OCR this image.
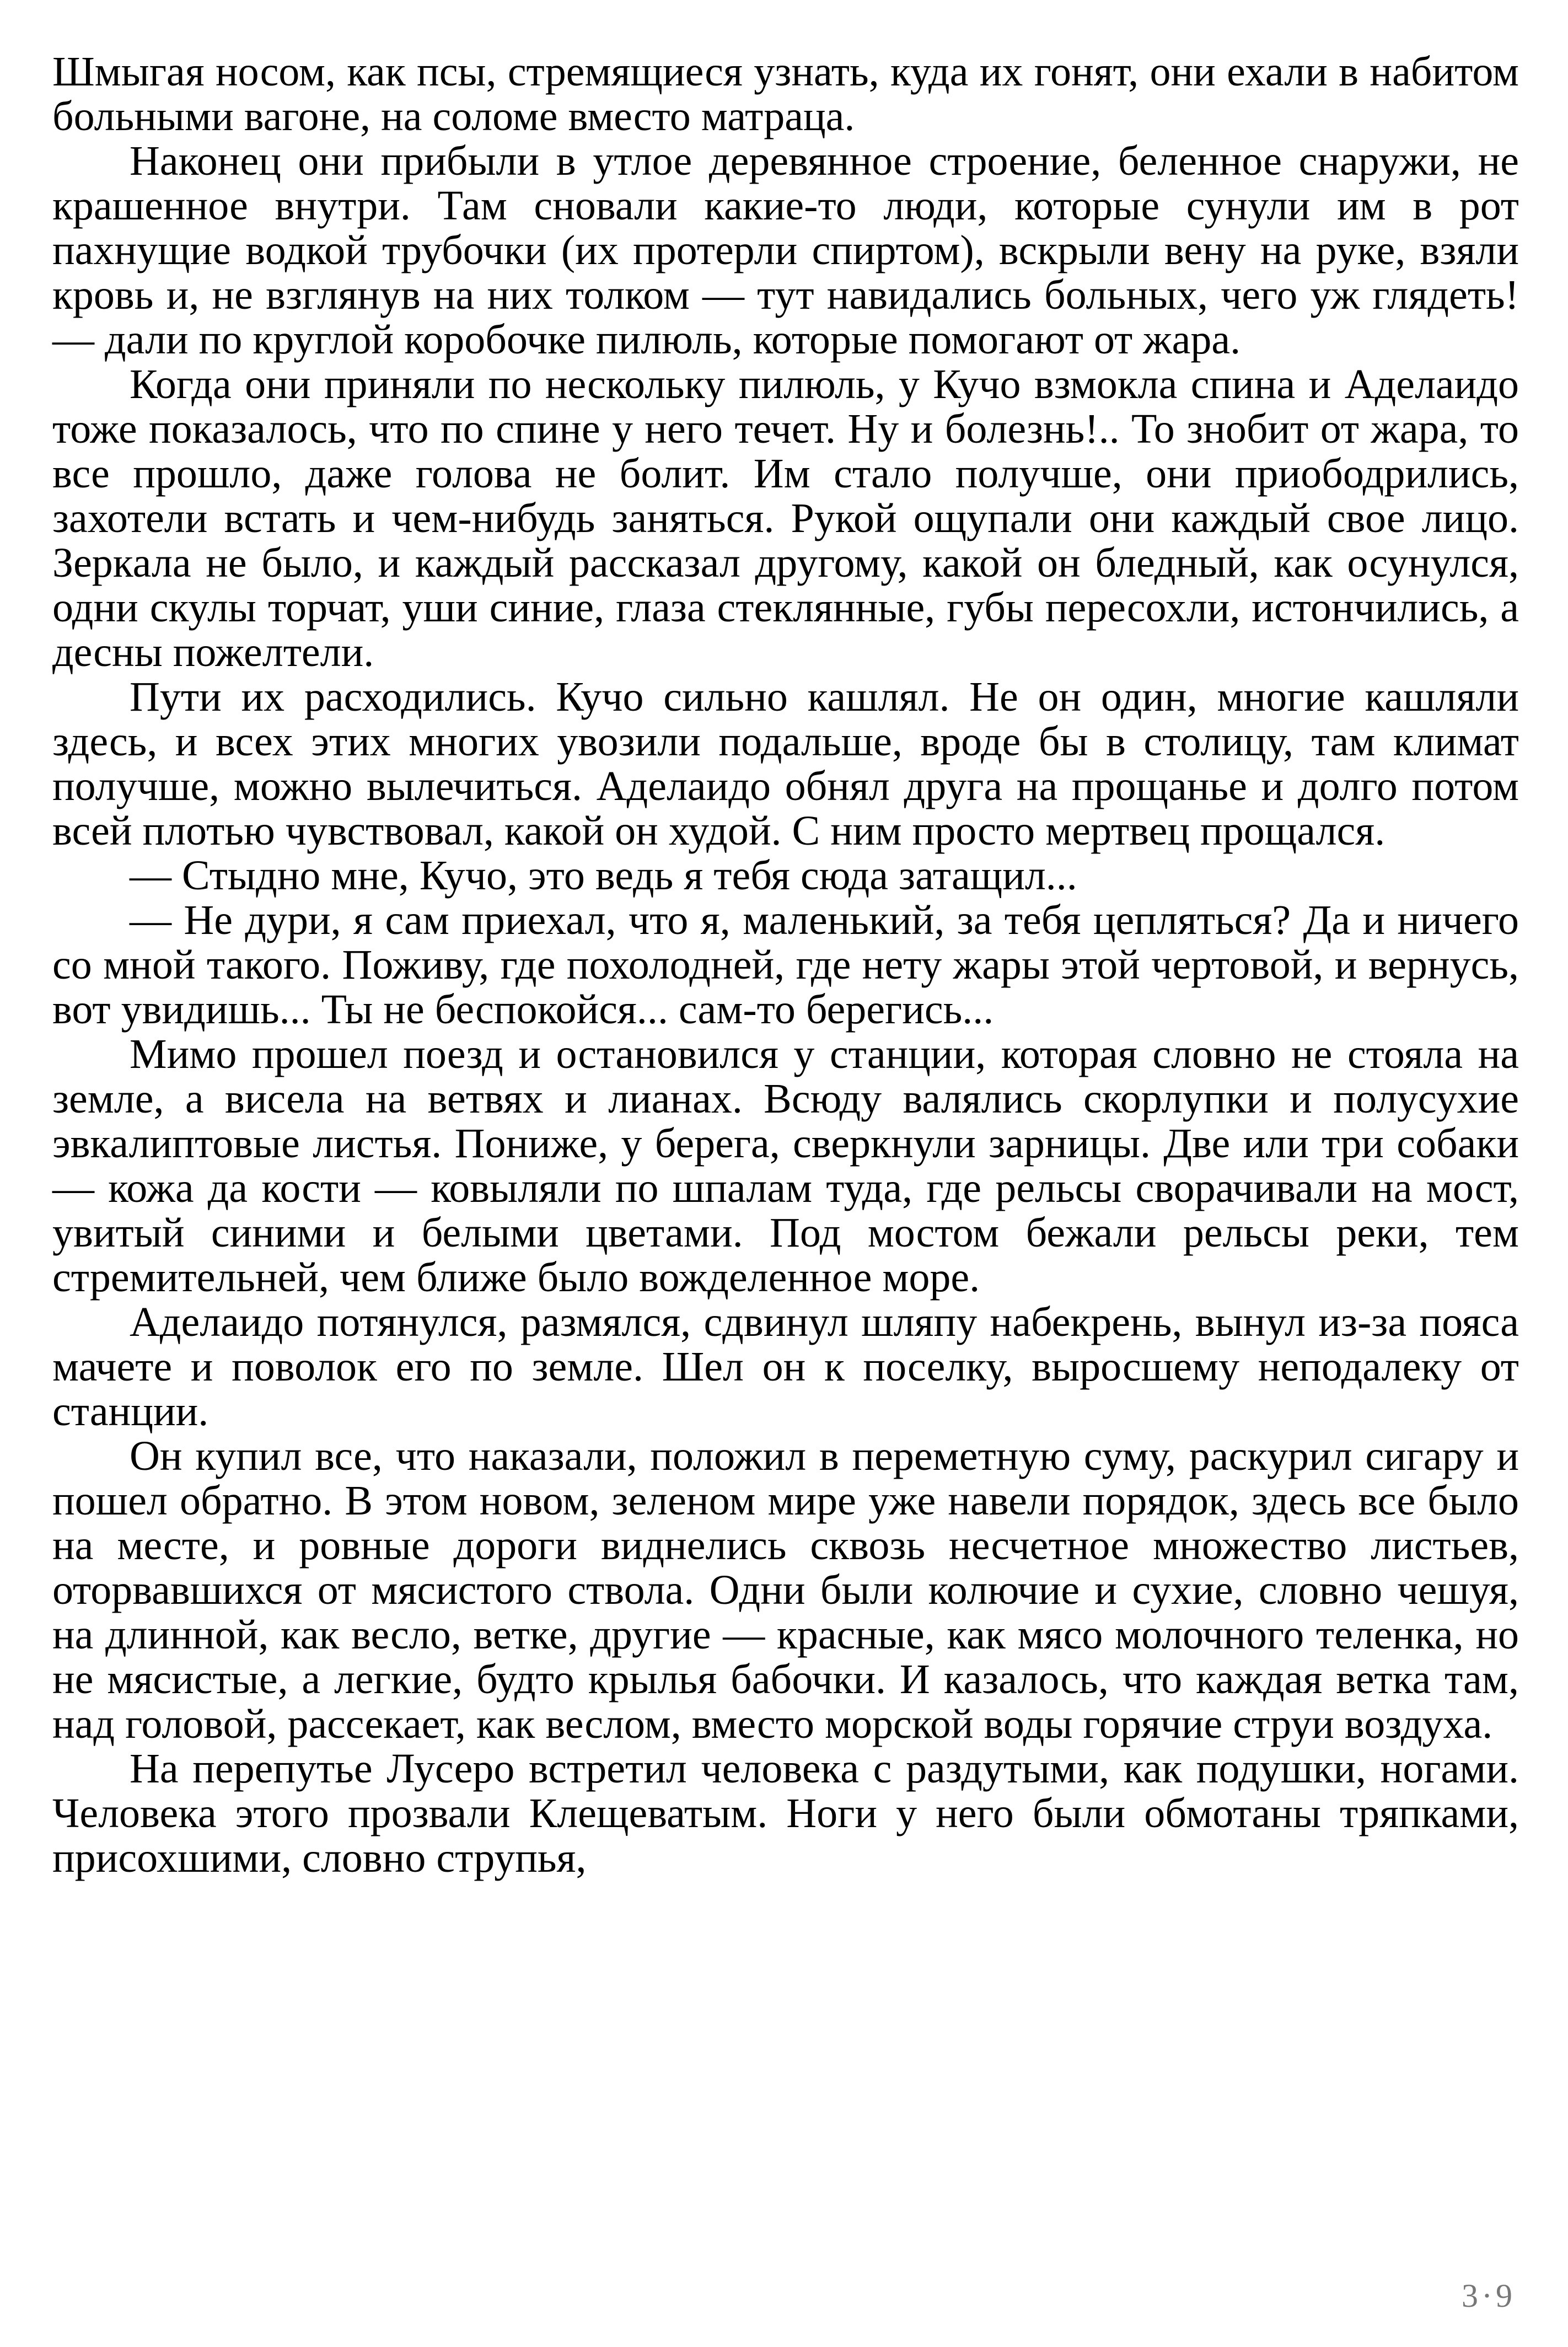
Шмыгая носом, как псы, стремящиеся узнать, куда их гонят, они ехали в набитом больными вагоне, на соломе вместо матраца.

Наконец они прибыли в утлое деревянное строение, беленное снаружи, не крашенное внутри. Там сновали какие-то люди, которые сунули им в рот пахнущие водкой трубочки (их протерли спиртом), вскрыли вену на руке, взяли кровь и, не взглянув на них толком — тут навидались больных, чего уж глядеть! — дали по круглой коробочке пилюль, которые помогают от жара.

Когда они приняли по нескольку пилюль, у Кучо взмокла спина и Аделаидо тоже показалось, что по спине у него течет. Ну и болезнь!.. То знобит от жара, то все прошло, даже голова не болит. Им стало получше, они приободрились, захотели встать и чем-нибудь заняться. Рукой ощупали они каждый свое лицо. Зеркала не было, и каждый рассказал другому, какой он бледный, как осунулся, одни скулы торчат, уши синие, глаза стеклянные, губы пересохли, истончились, а десны пожелтели.

Пути их расходились. Кучо сильно кашлял. Не он один, многие кашляли здесь, и всех этих многих увозили подальше, вроде бы в столицу, там климат получше, можно вылечиться. Аделаидо обнял друга на прощанье и долго потом всей плотью чувствовал, какой он худой. С ним просто мертвец прощался.

— Стыдно мне, Кучо, это ведь я тебя сюда затащил...

— Не дури, я сам приехал, что я, маленький, за тебя цепляться? Да и ничего со мной такого. Поживу, где похолодней, где нету жары этой чертовой, и вернусь, вот увидишь... Ты не беспокойся... сам-то берегись...

Мимо прошел поезд и остановился у станции, которая словно не стояла на земле, а висела на ветвях и лианах. Всюду валялись скорлупки и полусухие эвкалиптовые листья. Пониже, у берега, сверкнули зарницы. Две или три собаки — кожа да кости — ковыляли по шпалам туда, где рельсы сворачивали на мост, увитый синими и белыми цветами. Под мостом бежали рельсы реки, тем стремительней, чем ближе было вожделенное море.

Аделаидо потянулся, размялся, сдвинул шляпу набекрень, вынул из-за пояса мачете и поволок его по земле. Шел он к поселку, выросшему неподалеку от станции.

Он купил все, что наказали, положил в переметную суму, раскурил сигару и пошел обратно. В этом новом, зеленом мире уже навели порядок, здесь все было на месте, и ровные дороги виднелись сквозь несчетное множество листьев, оторвавшихся от мясистого ствола. Одни были колючие и сухие, словно чешуя, на длинной, как весло, ветке, другие — красные, как мясо молочного теленка, но не мясистые, а легкие, будто крылья бабочки. И казалось, что каждая ветка там, над головой, рассекает, как веслом, вместо морской воды горячие струи воздуха.

На перепутье Лусеро встретил человека с раздутыми, как подушки, ногами. Человека этого прозвали Клещеватым. Ноги у него были обмотаны тряпками, присохшими, словно струпья,

3·9
